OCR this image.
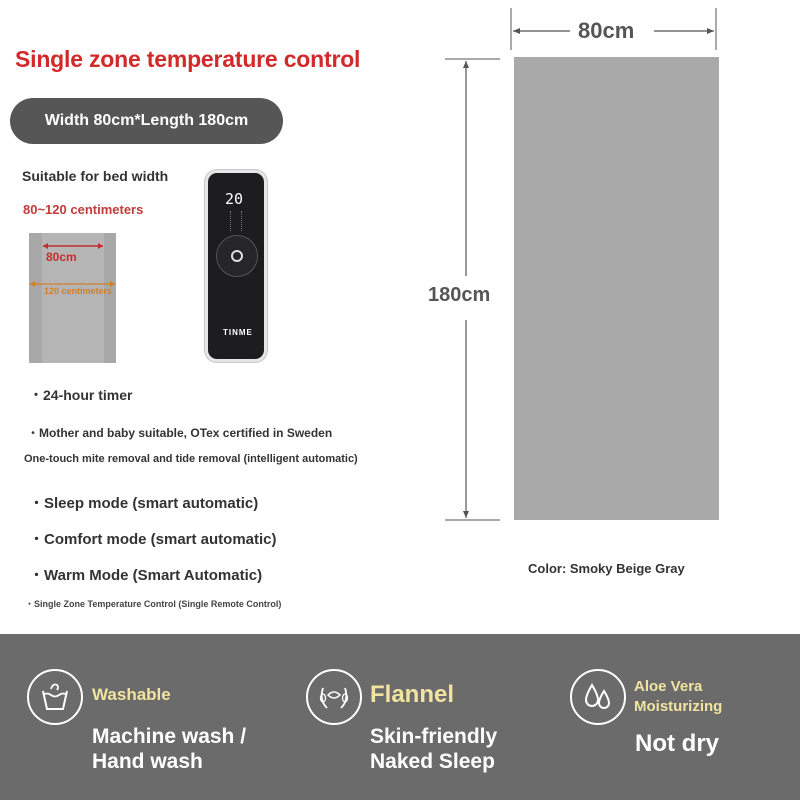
Single zone temperature control
Width 80cm*Length 180cm
Suitable for bed width
80~120 centimeters
80cm
120 centimeters
20
TINME
・24-hour timer
・Mother and baby suitable, OTex certified in Sweden
One-touch mite removal and tide removal (intelligent automatic)
・Sleep mode (smart automatic)
・Comfort mode (smart automatic)
・Warm Mode (Smart Automatic)
・Single Zone Temperature Control (Single Remote Control)
80cm
180cm
Color: Smoky Beige Gray
Washable
Machine wash /
Hand wash
Flannel
Skin-friendly
Naked Sleep
Aloe Vera
Moisturizing
Not dry
